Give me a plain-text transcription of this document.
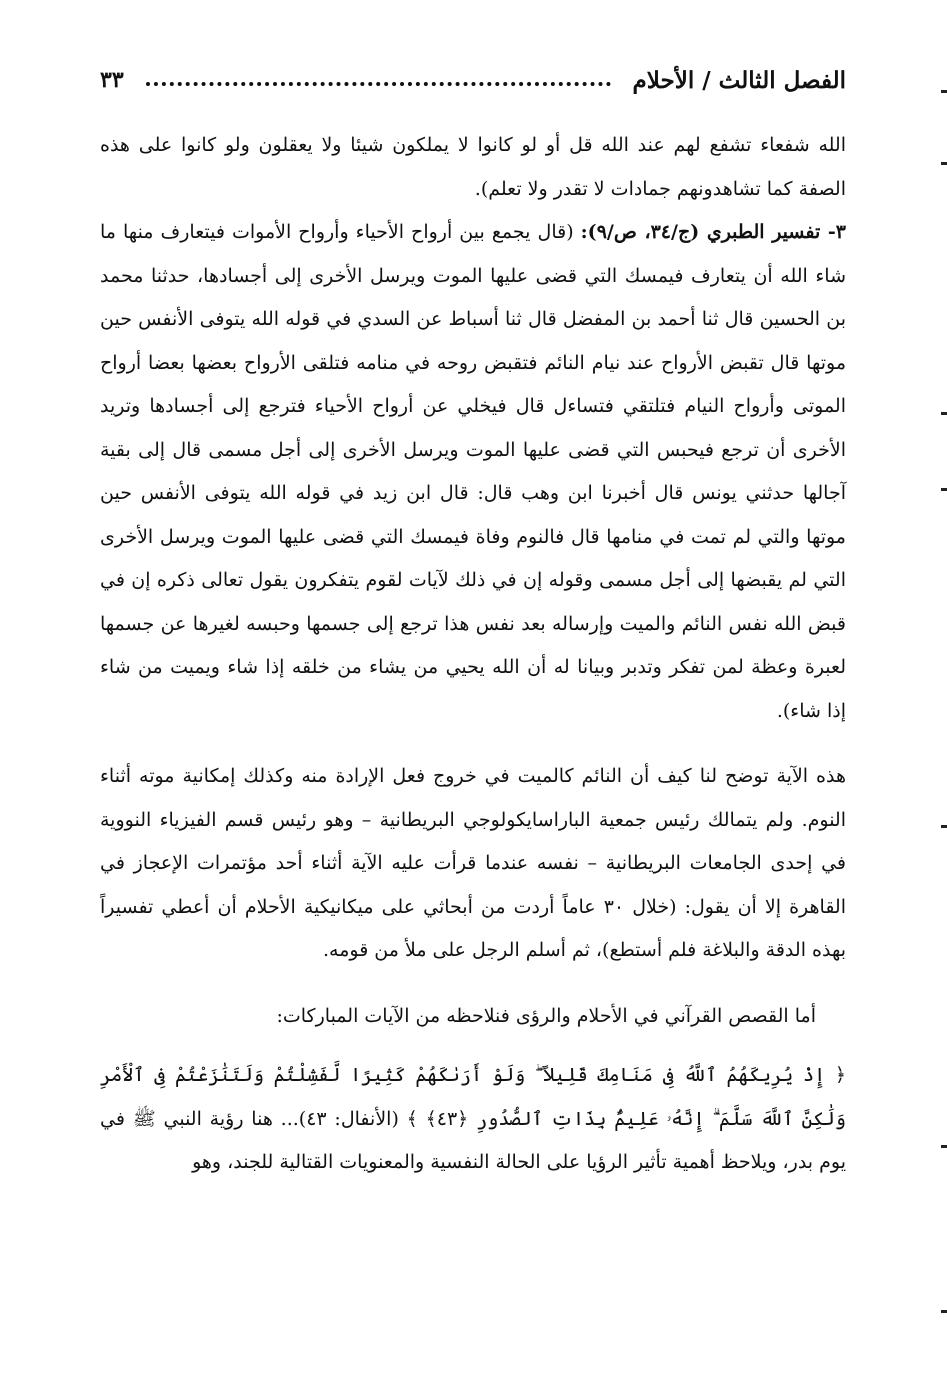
الفصل الثالث / الأحلام
٣٣

الله شفعاء تشفع لهم عند الله قل أو لو كانوا لا يملكون شيئا ولا يعقلون ولو كانوا على هذه الصفة كما تشاهدونهم جمادات لا تقدر ولا تعلم).

٣- تفسير الطبري (ج/٣٤، ص/٩): (قال يجمع بين أرواح الأحياء وأرواح الأموات فيتعارف منها ما شاء الله أن يتعارف فيمسك التي قضى عليها الموت ويرسل الأخرى إلى أجسادها، حدثنا محمد بن الحسين قال ثنا أحمد بن المفضل قال ثنا أسباط عن السدي في قوله الله يتوفى الأنفس حين موتها قال تقبض الأرواح عند نيام النائم فتقبض روحه في منامه فتلقى الأرواح بعضها بعضا أرواح الموتى وأرواح النيام فتلتقي فتساءل قال فيخلي عن أرواح الأحياء فترجع إلى أجسادها وتريد الأخرى أن ترجع فيحبس التي قضى عليها الموت ويرسل الأخرى إلى أجل مسمى قال إلى بقية آجالها حدثني يونس قال أخبرنا ابن وهب قال: قال ابن زيد في قوله الله يتوفى الأنفس حين موتها والتي لم تمت في منامها قال فالنوم وفاة فيمسك التي قضى عليها الموت ويرسل الأخرى التي لم يقبضها إلى أجل مسمى وقوله إن في ذلك لآيات لقوم يتفكرون يقول تعالى ذكره إن في قبض الله نفس النائم والميت وإرساله بعد نفس هذا ترجع إلى جسمها وحبسه لغيرها عن جسمها لعبرة وعظة لمن تفكر وتدبر وبيانا له أن الله يحيي من يشاء من خلقه إذا شاء ويميت من شاء إذا شاء).

هذه الآية توضح لنا كيف أن النائم كالميت في خروج فعل الإرادة منه وكذلك إمكانية موته أثناء النوم. ولم يتمالك رئيس جمعية الباراسايكولوجي البريطانية – وهو رئيس قسم الفيزياء النووية في إحدى الجامعات البريطانية – نفسه عندما قرأت عليه الآية أثناء أحد مؤتمرات الإعجاز في القاهرة إلا أن يقول: (خلال ٣٠ عاماً أردت من أبحاثي على ميكانيكية الأحلام أن أعطي تفسيراً بهذه الدقة والبلاغة فلم أستطع)، ثم أسلم الرجل على ملأ من قومه.

أما القصص القرآني في الأحلام والرؤى فنلاحظه من الآيات المباركات:

﴿ إِذْ يُرِيكَهُمُ ٱللَّهُ فِى مَنَامِكَ قَلِيلاً ۖ وَلَوْ أَرَىٰكَهُمْ كَثِيرًا لَّفَشِلْتُمْ وَلَتَنَٰزَعْتُمْ فِى ٱلْأَمْرِ وَلَٰكِنَّ ٱللَّهَ سَلَّمَ ۗ إِنَّهُۥ عَلِيمٌۢ بِذَاتِ ٱلصُّدُورِ ﴿٤٣﴾ ﴾ (الأنفال: ٤٣)... هنا رؤية النبي ﷺ في يوم بدر، ويلاحظ أهمية تأثير الرؤيا على الحالة النفسية والمعنويات القتالية للجند، وهو
